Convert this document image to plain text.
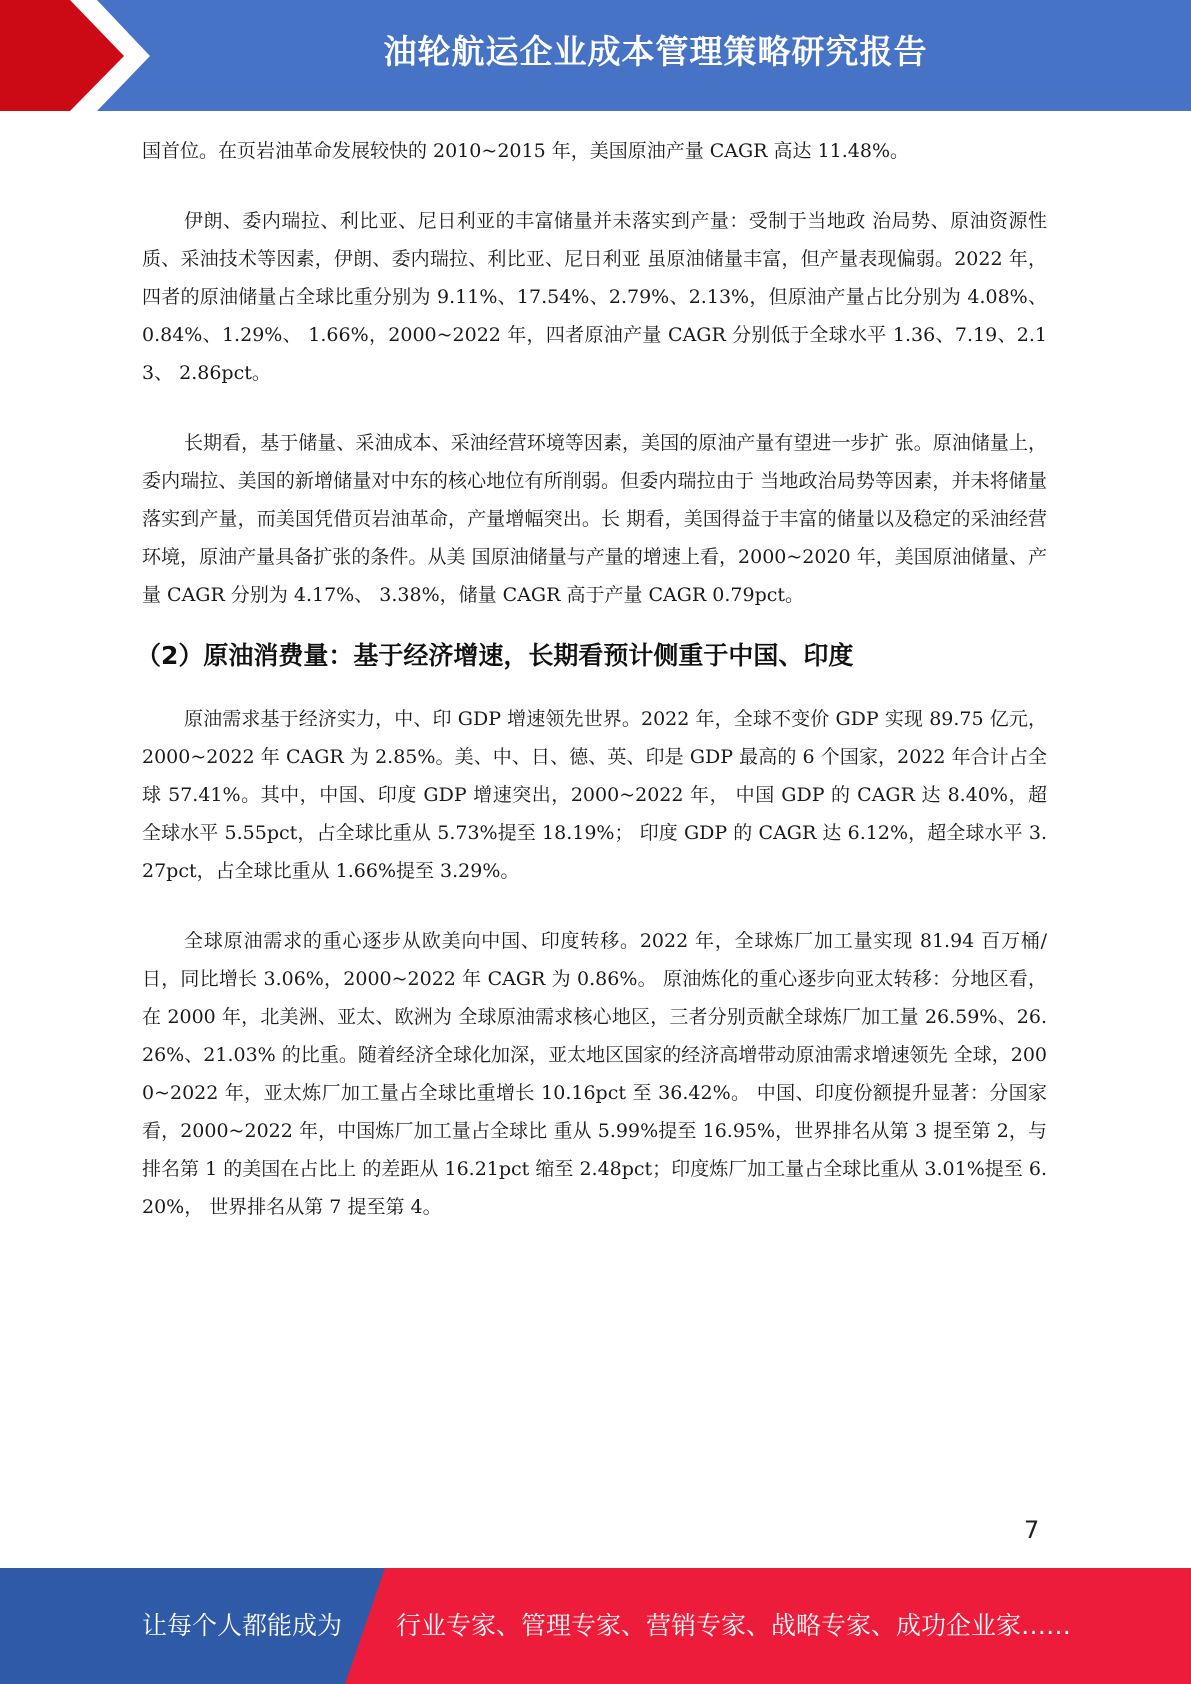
油轮航运企业成本管理策略研究报告

国首位。在页岩油革命发展较快的 2010~2015 年，美国原油产量 CAGR 高达 11.48%。

伊朗、委内瑞拉、利比亚、尼日利亚的丰富储量并未落实到产量：受制于当地政 治局势、原油资源性质、采油技术等因素，伊朗、委内瑞拉、利比亚、尼日利亚 虽原油储量丰富，但产量表现偏弱。2022 年，四者的原油储量占全球比重分别为 9.11%、17.54%、2.79%、2.13%，但原油产量占比分别为 4.08%、0.84%、1.29%、 1.66%，2000~2022 年，四者原油产量 CAGR 分别低于全球水平 1.36、7.19、2.13、 2.86pct。

长期看，基于储量、采油成本、采油经营环境等因素，美国的原油产量有望进一步扩 张。原油储量上，委内瑞拉、美国的新增储量对中东的核心地位有所削弱。但委内瑞拉由于 当地政治局势等因素，并未将储量落实到产量，而美国凭借页岩油革命，产量增幅突出。长 期看，美国得益于丰富的储量以及稳定的采油经营环境，原油产量具备扩张的条件。从美 国原油储量与产量的增速上看，2000~2020 年，美国原油储量、产量 CAGR 分别为 4.17%、 3.38%，储量 CAGR 高于产量 CAGR 0.79pct。

（2）原油消费量：基于经济增速，长期看预计侧重于中国、印度

原油需求基于经济实力，中、印 GDP 增速领先世界。2022 年，全球不变价 GDP 实现 89.75 亿元，2000~2022 年 CAGR 为 2.85%。美、中、日、德、英、印是 GDP 最高的 6 个国家，2022 年合计占全球 57.41%。其中，中国、印度 GDP 增速突出，2000~2022 年， 中国 GDP 的 CAGR 达 8.40%，超全球水平 5.55pct，占全球比重从 5.73%提至 18.19%； 印度 GDP 的 CAGR 达 6.12%，超全球水平 3.27pct，占全球比重从 1.66%提至 3.29%。

全球原油需求的重心逐步从欧美向中国、印度转移。2022 年，全球炼厂加工量实现 81.94 百万桶/日，同比增长 3.06%，2000~2022 年 CAGR 为 0.86%。 原油炼化的重心逐步向亚太转移：分地区看，在 2000 年，北美洲、亚太、欧洲为 全球原油需求核心地区，三者分别贡献全球炼厂加工量 26.59%、26.26%、21.03% 的比重。随着经济全球化加深，亚太地区国家的经济高增带动原油需求增速领先 全球，2000~2022 年，亚太炼厂加工量占全球比重增长 10.16pct 至 36.42%。 中国、印度份额提升显著：分国家看，2000~2022 年，中国炼厂加工量占全球比 重从 5.99%提至 16.95%，世界排名从第 3 提至第 2，与排名第 1 的美国在占比上 的差距从 16.21pct 缩至 2.48pct；印度炼厂加工量占全球比重从 3.01%提至 6.20%， 世界排名从第 7 提至第 4。

7
让每个人都能成为 行业专家、管理专家、营销专家、战略专家、成功企业家……
